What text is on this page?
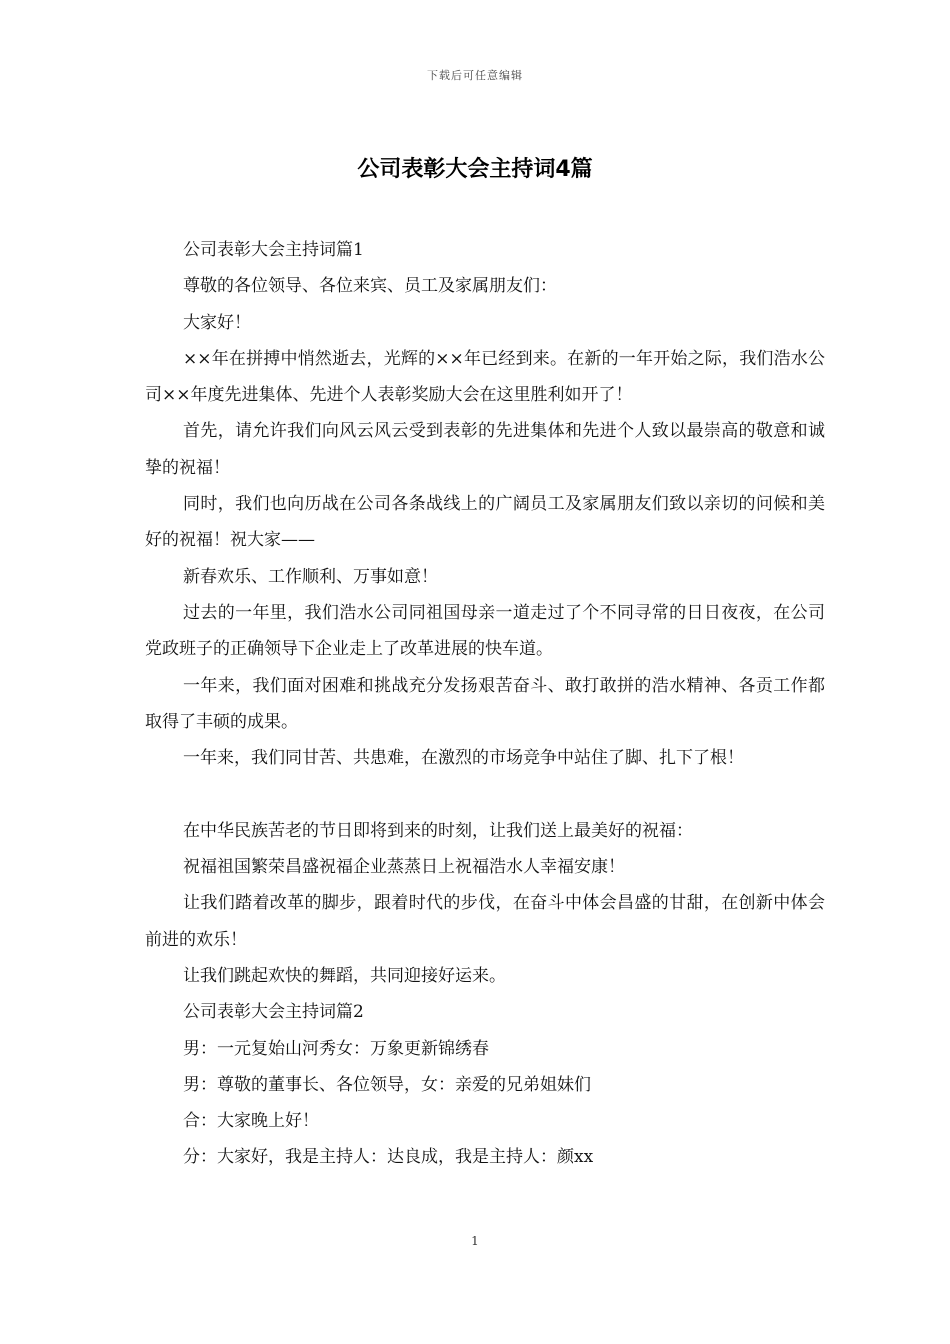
下载后可任意编辑
公司表彰大会主持词4篇

公司表彰大会主持词篇1

尊敬的各位领导、各位来宾、员工及家属朋友们：

大家好！

××年在拼搏中悄然逝去，光辉的××年已经到来。在新的一年开始之际，我们浩水公司××年度先进集体、先进个人表彰奖励大会在这里胜利如开了！

首先，请允许我们向风云风云受到表彰的先进集体和先进个人致以最崇高的敬意和诚挚的祝福！

同时，我们也向历战在公司各条战线上的广阔员工及家属朋友们致以亲切的问候和美好的祝福！祝大家——

新春欢乐、工作顺利、万事如意！

过去的一年里，我们浩水公司同祖国母亲一道走过了个不同寻常的日日夜夜，在公司党政班子的正确领导下企业走上了改革进展的快车道。

一年来，我们面对困难和挑战充分发扬艰苦奋斗、敢打敢拼的浩水精神、各贡工作都取得了丰硕的成果。

一年来，我们同甘苦、共患难，在激烈的市场竞争中站住了脚、扎下了根！

在中华民族苦老的节日即将到来的时刻，让我们送上最美好的祝福：

祝福祖国繁荣昌盛祝福企业蒸蒸日上祝福浩水人幸福安康！

让我们踏着改革的脚步，跟着时代的步伐，在奋斗中体会昌盛的甘甜，在创新中体会前进的欢乐！

让我们跳起欢快的舞蹈，共同迎接好运来。

公司表彰大会主持词篇2

男：一元复始山河秀女：万象更新锦绣春

男：尊敬的董事长、各位领导，女：亲爱的兄弟姐妹们

合：大家晚上好！

分：大家好，我是主持人：达良成，我是主持人：颜xx

1
